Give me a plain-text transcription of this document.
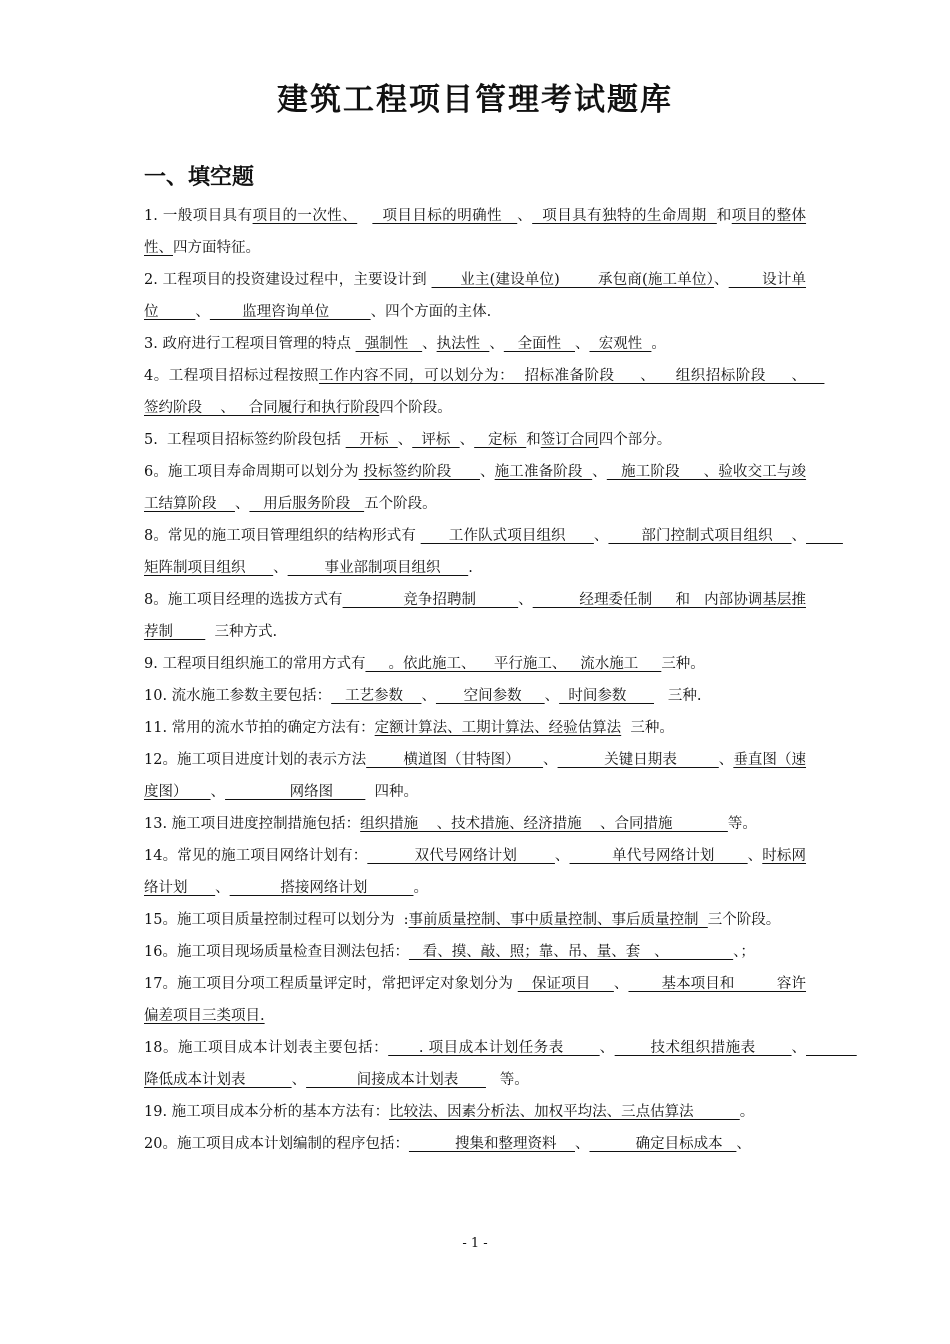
建筑工程项目管理考试题库
一、填空题

1. 一般项目具有项目的一次性、     项目目标的明确性   、  项目具有独特的生命周期  和项目的整体性、四方面特征。

2. 工程项目的投资建设过程中，主要设计到       业主(建设单位)        承包商(施工单位）、       设计单位        、       监理咨询单位         、四个方面的主体.

3. 政府进行工程项目管理的特点   强制性   、执法性  、   全面性   、  宏观性  。

4。工程项目招标过程按照工作内容不同，可以划分为：  招标准备阶段     、    组织招标阶段     、    签约阶段    、   合同履行和执行阶段四个阶段。

5.  工程项目招标签约阶段包括    开标  、  评标  、   定标  和签订合同四个部分。

6。施工项目寿命周期可以划分为 投标签约阶段      、施工准备阶段  、   施工阶段     、验收交工与竣工结算阶段    、   用后服务阶段   五个阶段。

8。常见的施工项目管理组织的结构形式有       工作队式项目组织      、       部门控制式项目组织    、        矩阵制项目组织      、        事业部制项目组织      .

8。施工项目经理的选拔方式有             竞争招聘制         、          经理委任制     和   内部协调基层推荐制         三种方式.

9. 工程项目组织施工的常用方式有     。依此施工、    平行施工、   流水施工     三种。

10. 流水施工参数主要包括：   工艺参数    、      空间参数     、  时间参数         三种.

11. 常用的流水节拍的确定方法有：定额计算法、工期计算法、经验估算法  三种。

12。施工项目进度计划的表示方法        横道图（甘特图）     、          关键日期表         、垂直图（速度图）     、              网络图         四种。

13. 施工项目进度控制措施包括：组织措施    、技术措施、经济措施    、合同措施            等。

14。常见的施工项目网络计划有：          双代号网络计划        、         单代号网络计划       、时标网络计划      、           搭接网络计划          。

15。施工项目质量控制过程可以划分为  :事前质量控制、事中质量控制、事后质量控制  三个阶段。

16。施工项目现场质量检查目测法包括：   看、摸、敲、照；靠、吊、量、套   、              、；

17。施工项目分项工程质量评定时，常把评定对象划分为    保证项目     、       基本项目和         容许偏差项目三类项目.

18。施工项目成本计划表主要包括：      . 项目成本计划任务表       、       技术组织措施表       、           降低成本计划表          、           间接成本计划表         等。

19. 施工项目成本分析的基本方法有：比较法、因素分析法、加权平均法、三点估算法          。

20。施工项目成本计划编制的程序包括：          搜集和整理资料    、          确定目标成本   、

- 1 -
